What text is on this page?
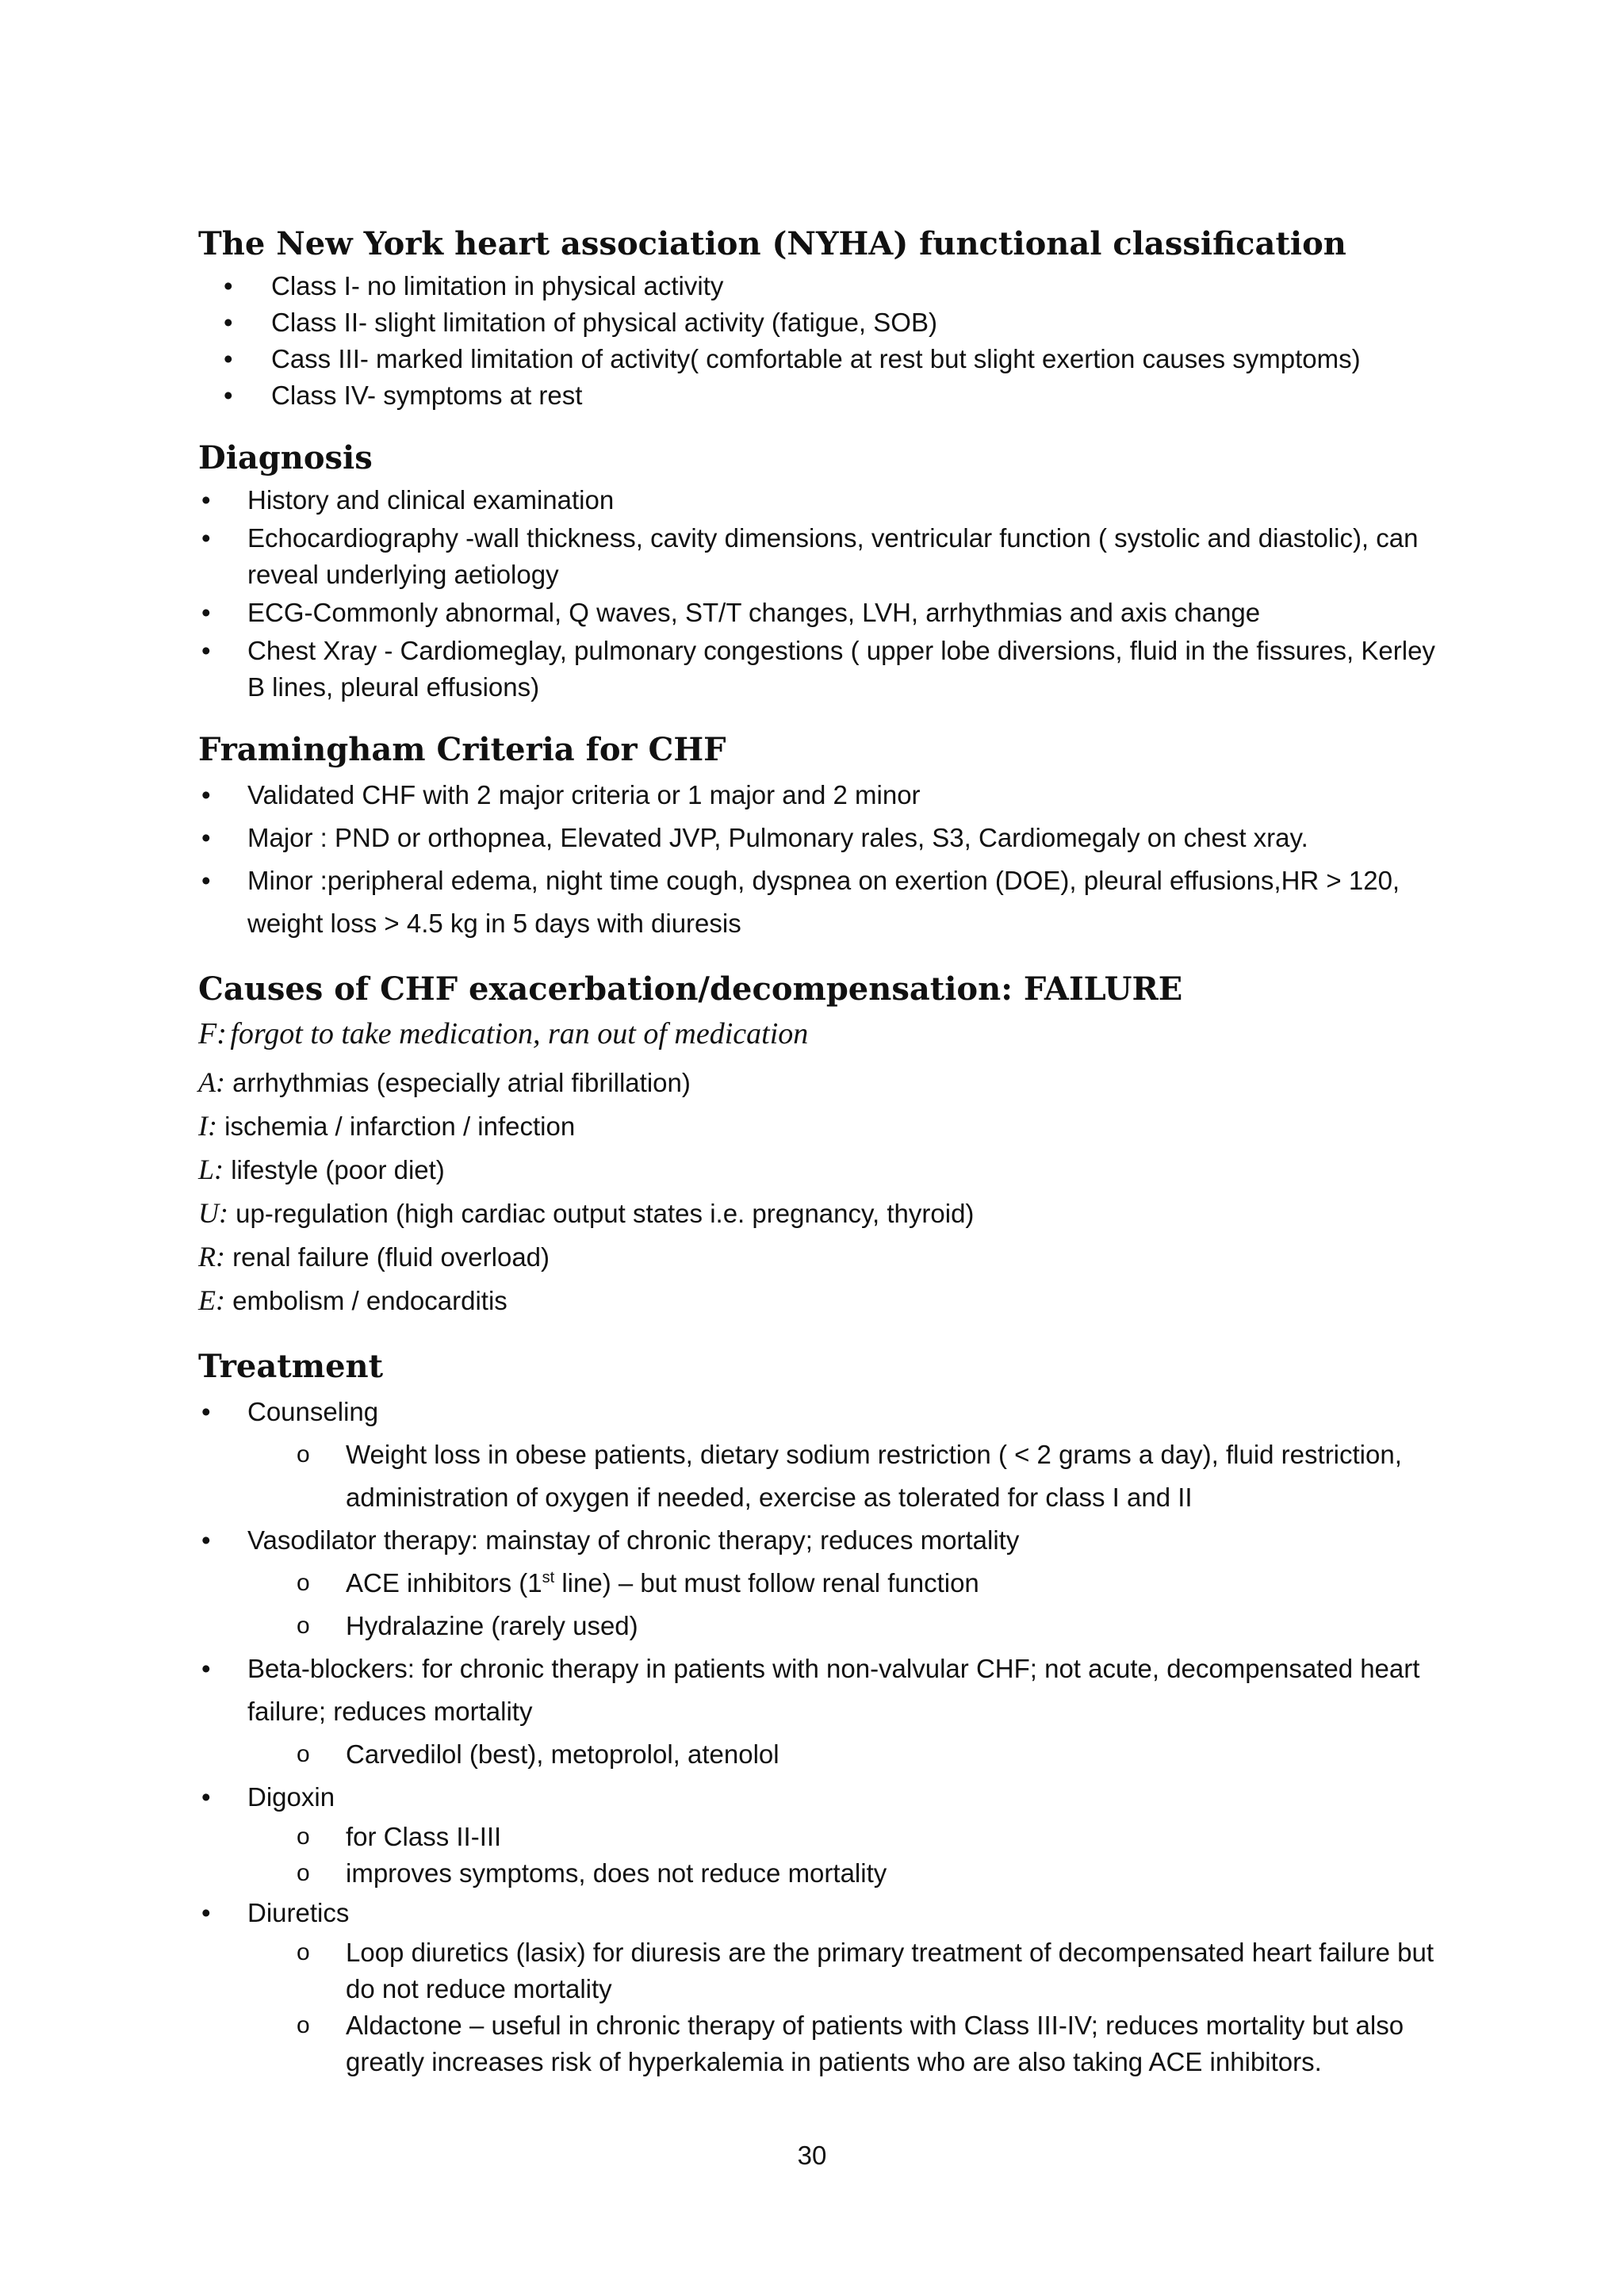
The New York heart association (NYHA) functional classification
• Class I- no limitation in physical activity
• Class II- slight limitation of physical activity (fatigue, SOB)
• Cass III- marked limitation of activity( comfortable at rest but slight exertion causes symptoms)
• Class IV- symptoms at rest
Diagnosis
• History and clinical examination
• Echocardiography -wall thickness, cavity dimensions, ventricular function ( systolic and diastolic), can reveal underlying aetiology
• ECG-Commonly abnormal, Q waves, ST/T changes, LVH, arrhythmias and axis change
• Chest Xray - Cardiomeglay, pulmonary congestions ( upper lobe diversions, fluid in the fissures, Kerley B lines, pleural effusions)
Framingham Criteria for CHF
• Validated CHF with 2 major criteria or 1 major and 2 minor
• Major : PND or orthopnea, Elevated JVP, Pulmonary rales, S3, Cardiomegaly on chest xray.
• Minor :peripheral edema, night time cough, dyspnea on exertion (DOE), pleural effusions,HR > 120, weight loss > 4.5 kg in 5 days with diuresis
Causes of CHF exacerbation/decompensation: FAILURE
F: forgot to take medication, ran out of medication
A: arrhythmias (especially atrial fibrillation)
I: ischemia / infarction / infection
L: lifestyle (poor diet)
U: up-regulation (high cardiac output states i.e. pregnancy, thyroid)
R: renal failure (fluid overload)
E: embolism / endocarditis
Treatment
• Counseling
o Weight loss in obese patients, dietary sodium restriction ( < 2 grams a day), fluid restriction, administration of oxygen if needed, exercise as tolerated for class I and II
• Vasodilator therapy: mainstay of chronic therapy; reduces mortality
o ACE inhibitors (1st line) – but must follow renal function
o Hydralazine (rarely used)
• Beta-blockers: for chronic therapy in patients with non-valvular CHF; not acute, decompensated heart failure; reduces mortality
o Carvedilol (best), metoprolol, atenolol
• Digoxin
o for Class II-III
o improves symptoms, does not reduce mortality
• Diuretics
o Loop diuretics (lasix) for diuresis are the primary treatment of decompensated heart failure but do not reduce mortality
o Aldactone – useful in chronic therapy of patients with Class III-IV; reduces mortality but also greatly increases risk of hyperkalemia in patients who are also taking ACE inhibitors.
30
